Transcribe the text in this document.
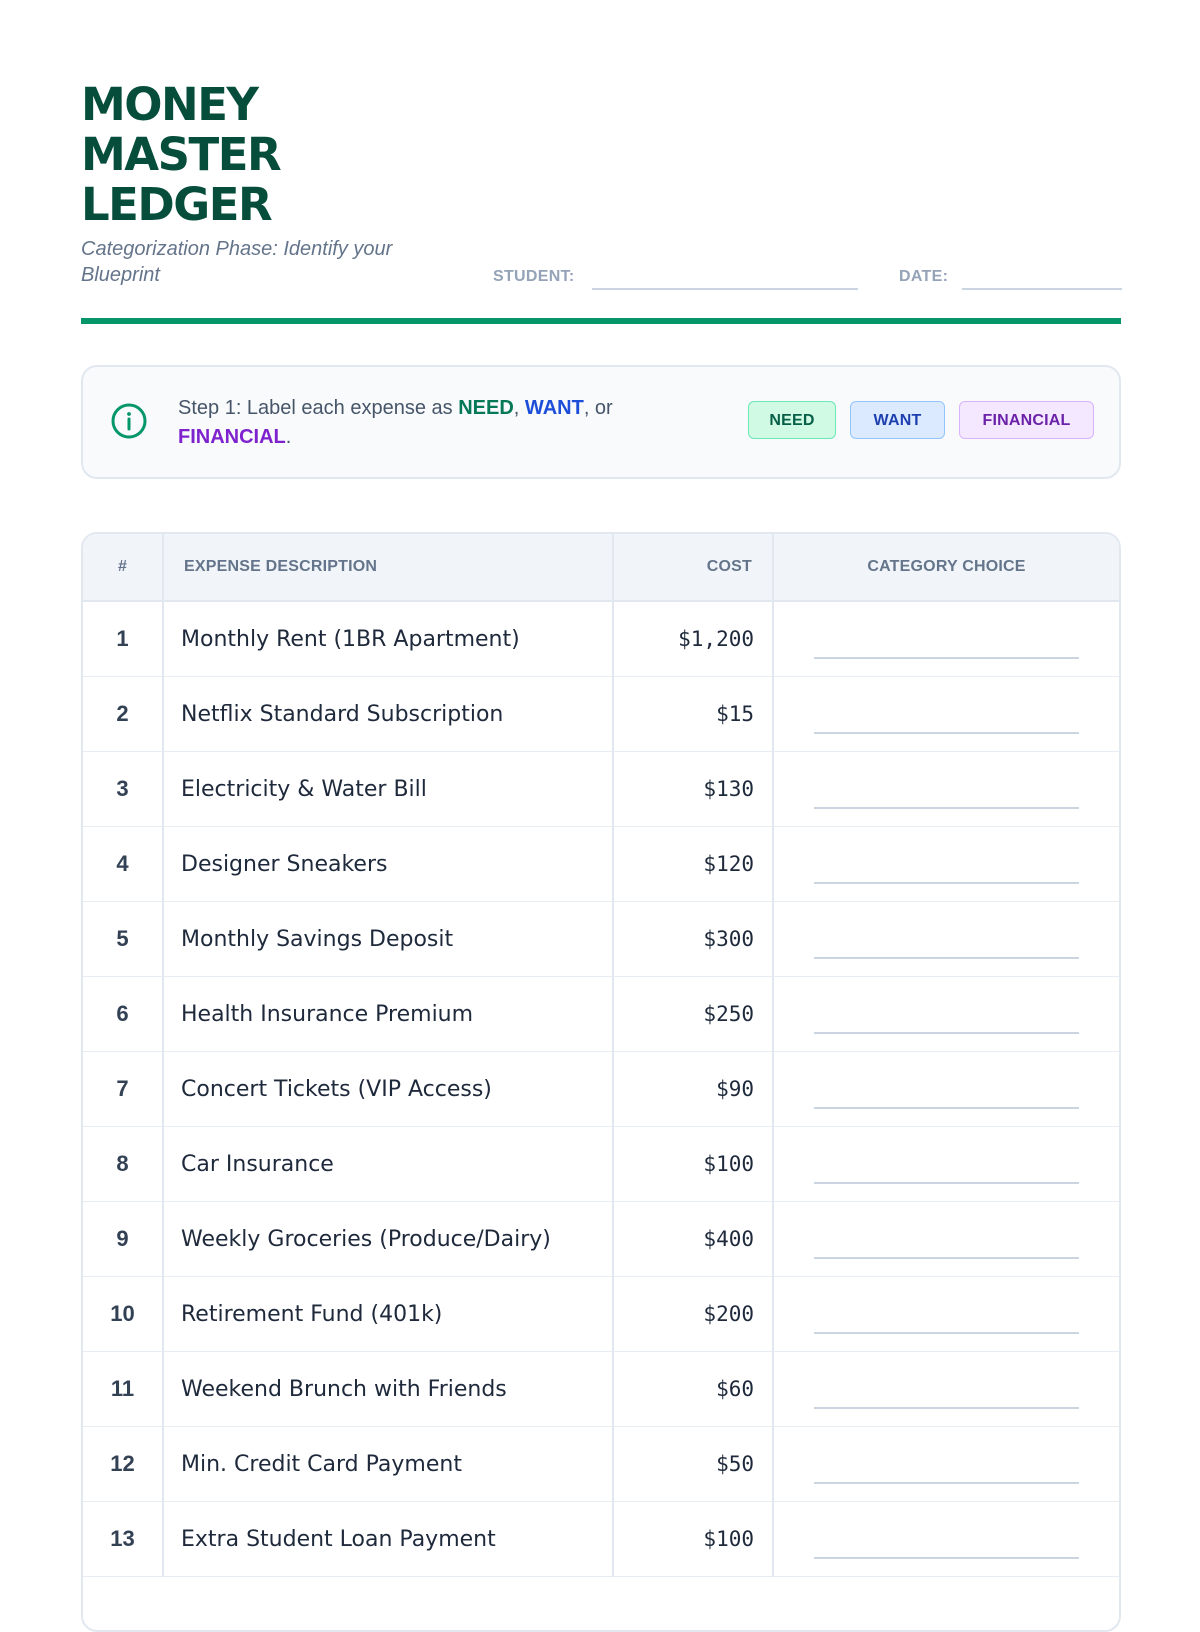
MONEY
MASTER
LEDGER
Categorization Phase: Identify your Blueprint	STUDENT:	DATE:
Step 1: Label each expense as NEED, WANT, or FINANCIAL.
NEED	WANT	FINANCIAL
#	EXPENSE DESCRIPTION	COST	CATEGORY CHOICE
1	Monthly Rent (1BR Apartment)	$1,200	

2	Netflix Standard Subscription	$15	

3	Electricity & Water Bill	$130	

4	Designer Sneakers	$120	

5	Monthly Savings Deposit	$300	

6	Health Insurance Premium	$250	

7	Concert Tickets (VIP Access)	$90	

8	Car Insurance	$100	

9	Weekly Groceries (Produce/Dairy)	$400	

10	Retirement Fund (401k)	$200	

11	Weekend Brunch with Friends	$60	

12	Min. Credit Card Payment	$50	

13	Extra Student Loan Payment	$100	
